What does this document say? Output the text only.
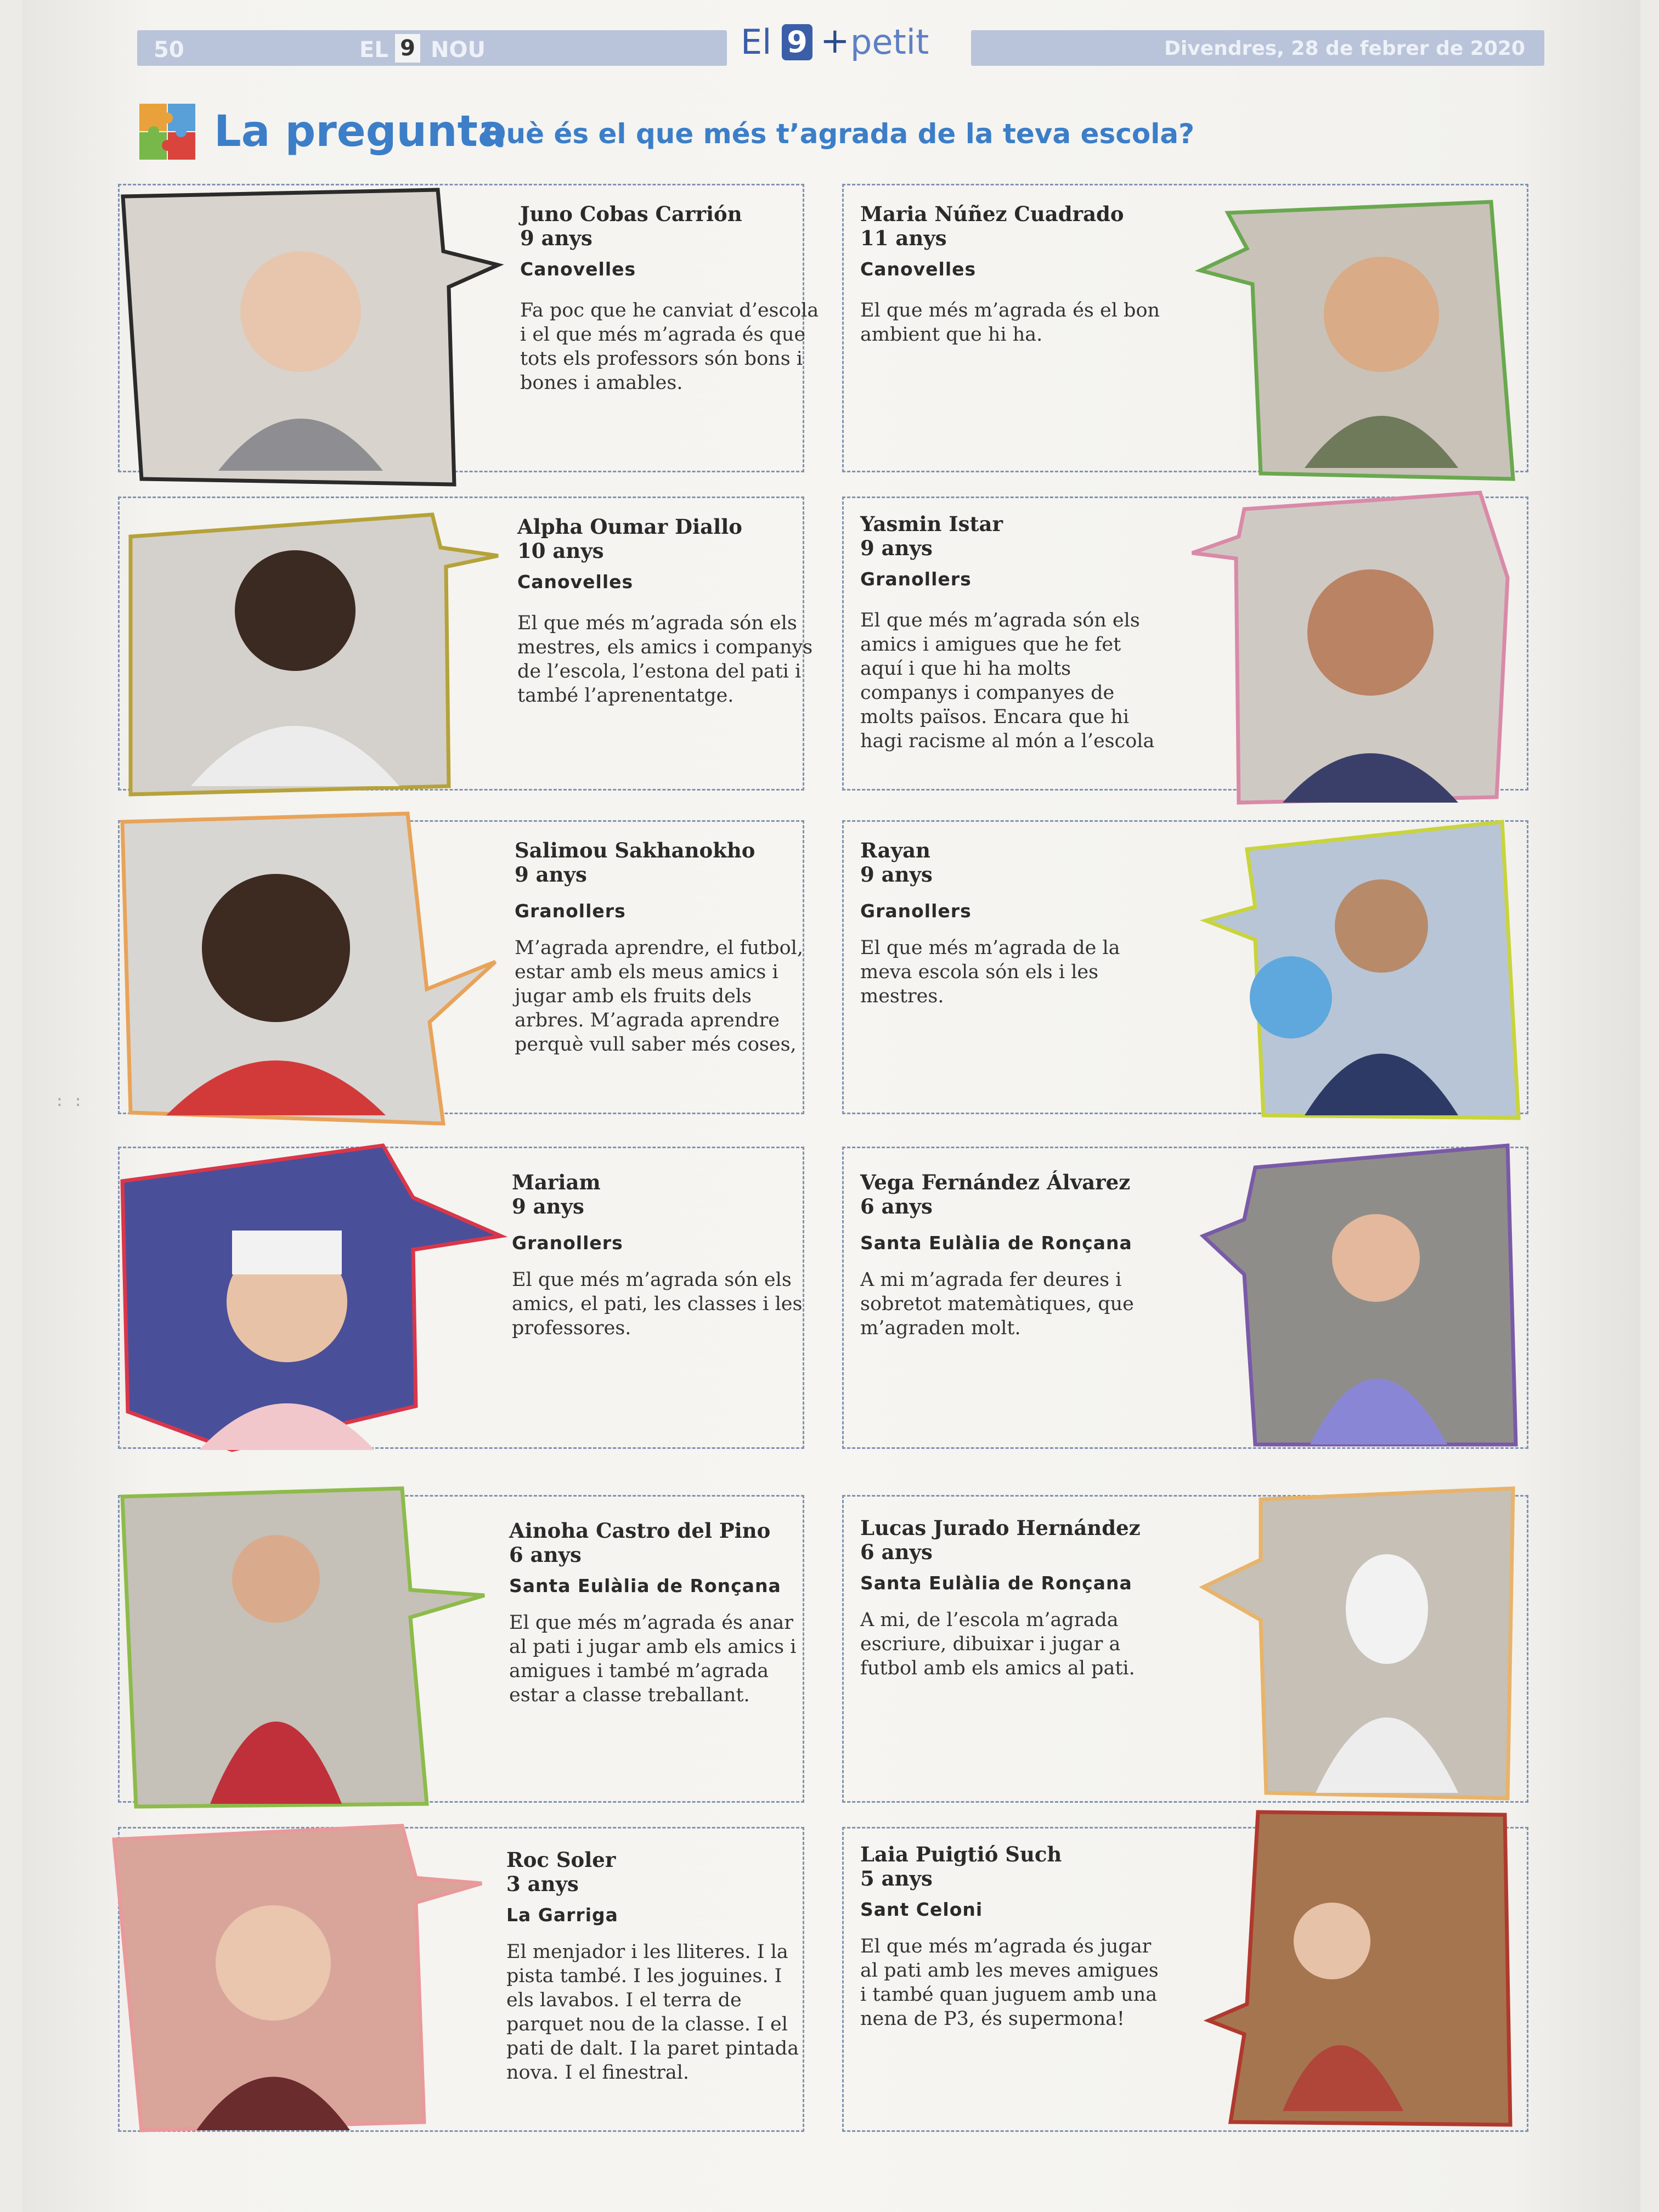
50	EL 9 NOU	El 9 + petit	Divendres, 28 de febrer de 2020
La pregunta
Què és el que més t’agrada de la teva escola?
Juno Cobas Carrión
9 anys
Canovelles
Fa poc que he canviat d’escola i el que més m’agrada és que tots els professors són bons i bones i amables.
Maria Núñez Cuadrado
11 anys
Canovelles
El que més m’agrada és el bon ambient que hi ha.
Alpha Oumar Diallo
10 anys
Canovelles
El que més m’agrada són els mestres, els amics i companys de l’escola, l’estona del pati i també l’aprenentatge.
Yasmin Istar
9 anys
Granollers
El que més m’agrada són els amics i amigues que he fet aquí i que hi ha molts companys i companyes de molts països. Encara que hi hagi racisme al món a l’escola
Salimou Sakhanokho
9 anys
Granollers
M’agrada aprendre, el futbol, estar amb els meus amics i jugar amb els fruits dels arbres. M’agrada aprendre perquè vull saber més coses,
Rayan
9 anys
Granollers
El que més m’agrada de la meva escola són els i les mestres.
Mariam
9 anys
Granollers
El que més m’agrada són els amics, el pati, les classes i les professores.
Vega Fernández Álvarez
6 anys
Santa Eulàlia de Ronçana
A mi m’agrada fer deures i sobretot matemàtiques, que m’agraden molt.
Ainoha Castro del Pino
6 anys
Santa Eulàlia de Ronçana
El que més m’agrada és anar al pati i jugar amb els amics i amigues i també m’agrada estar a classe treballant.
Lucas Jurado Hernández
6 anys
Santa Eulàlia de Ronçana
A mi, de l’escola m’agrada escriure, dibuixar i jugar a futbol amb els amics al pati.
Roc Soler
3 anys
La Garriga
El menjador i les lliteres. I la pista també. I les joguines. I els lavabos. I el terra de parquet nou de la classe. I el pati de dalt. I la paret pintada nova. I el finestral.
Laia Puigtió Such
5 anys
Sant Celoni
El que més m’agrada és jugar al pati amb les meves amigues i també quan juguem amb una nena de P3, és supermona!
: :
